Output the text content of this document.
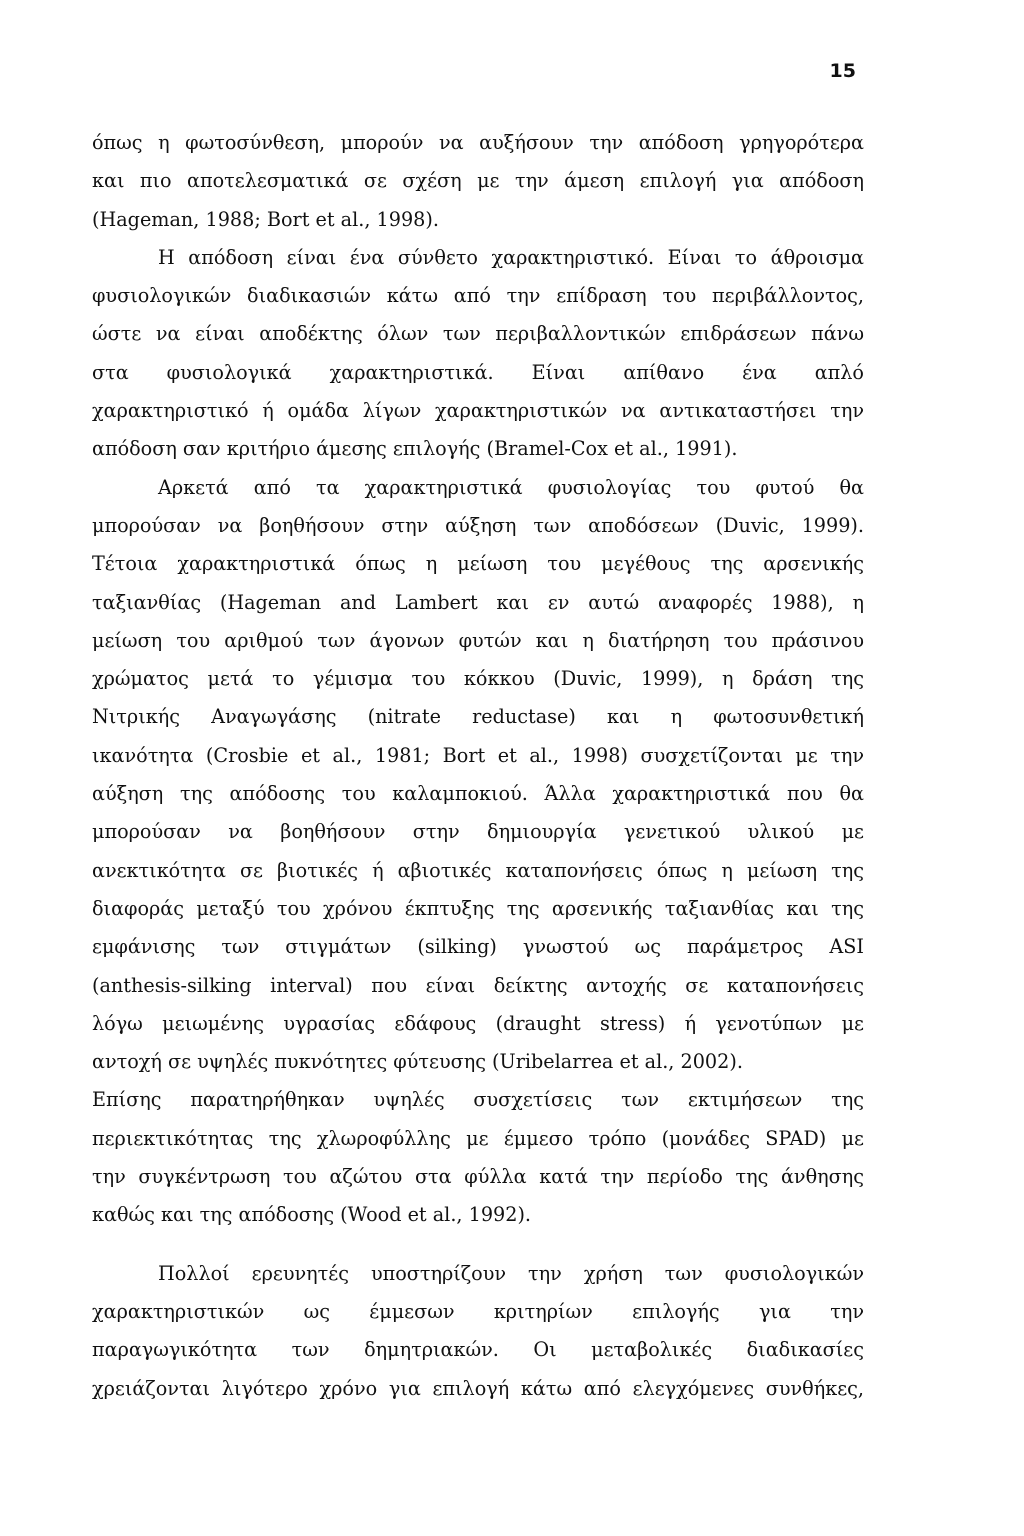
15
όπως η φωτοσύνθεση, μπορούν να αυξήσουν την απόδοση γρηγορότερα
και πιο αποτελεσματικά σε σχέση με την άμεση επιλογή για απόδοση
(Hageman, 1988; Bort et al., 1998).
Η απόδοση είναι ένα σύνθετο χαρακτηριστικό. Είναι το άθροισμα
φυσιολογικών διαδικασιών κάτω από την επίδραση του περιβάλλοντος,
ώστε να είναι αποδέκτης όλων των περιβαλλοντικών επιδράσεων πάνω
στα φυσιολογικά χαρακτηριστικά. Είναι απίθανο ένα απλό
χαρακτηριστικό ή ομάδα λίγων χαρακτηριστικών να αντικαταστήσει την
απόδοση σαν κριτήριο άμεσης επιλογής (Bramel-Cox et al., 1991).
Αρκετά από τα χαρακτηριστικά φυσιολογίας του φυτού θα
μπορούσαν να βοηθήσουν στην αύξηση των αποδόσεων (Duvic, 1999).
Τέτοια χαρακτηριστικά όπως η μείωση του μεγέθους της αρσενικής
ταξιανθίας (Hageman and Lambert και εν αυτώ αναφορές 1988), η
μείωση του αριθμού των άγονων φυτών και η διατήρηση του πράσινου
χρώματος μετά το γέμισμα του κόκκου (Duvic, 1999), η δράση της
Νιτρικής Αναγωγάσης (nitrate reductase) και η φωτοσυνθετική
ικανότητα (Crosbie et al., 1981; Bort et al., 1998) συσχετίζονται με την
αύξηση της απόδοσης του καλαμποκιού. Άλλα χαρακτηριστικά που θα
μπορούσαν να βοηθήσουν στην δημιουργία γενετικού υλικού με
ανεκτικότητα σε βιοτικές ή αβιοτικές καταπονήσεις όπως η μείωση της
διαφοράς μεταξύ του χρόνου έκπτυξης της αρσενικής ταξιανθίας και της
εμφάνισης των στιγμάτων (silking) γνωστού ως παράμετρος ASI
(anthesis-silking interval) που είναι δείκτης αντοχής σε καταπονήσεις
λόγω μειωμένης υγρασίας εδάφους (draught stress) ή γενοτύπων με
αντοχή σε υψηλές πυκνότητες φύτευσης (Uribelarrea et al., 2002).
Επίσης παρατηρήθηκαν υψηλές συσχετίσεις των εκτιμήσεων της
περιεκτικότητας της χλωροφύλλης με έμμεσο τρόπο (μονάδες SPAD) με
την συγκέντρωση του αζώτου στα φύλλα κατά την περίοδο της άνθησης
καθώς και της απόδοσης (Wood et al., 1992).
Πολλοί ερευνητές υποστηρίζουν την χρήση των φυσιολογικών
χαρακτηριστικών ως έμμεσων κριτηρίων επιλογής για την
παραγωγικότητα των δημητριακών. Οι μεταβολικές διαδικασίες
χρειάζονται λιγότερο χρόνο για επιλογή κάτω από ελεγχόμενες συνθήκες,
